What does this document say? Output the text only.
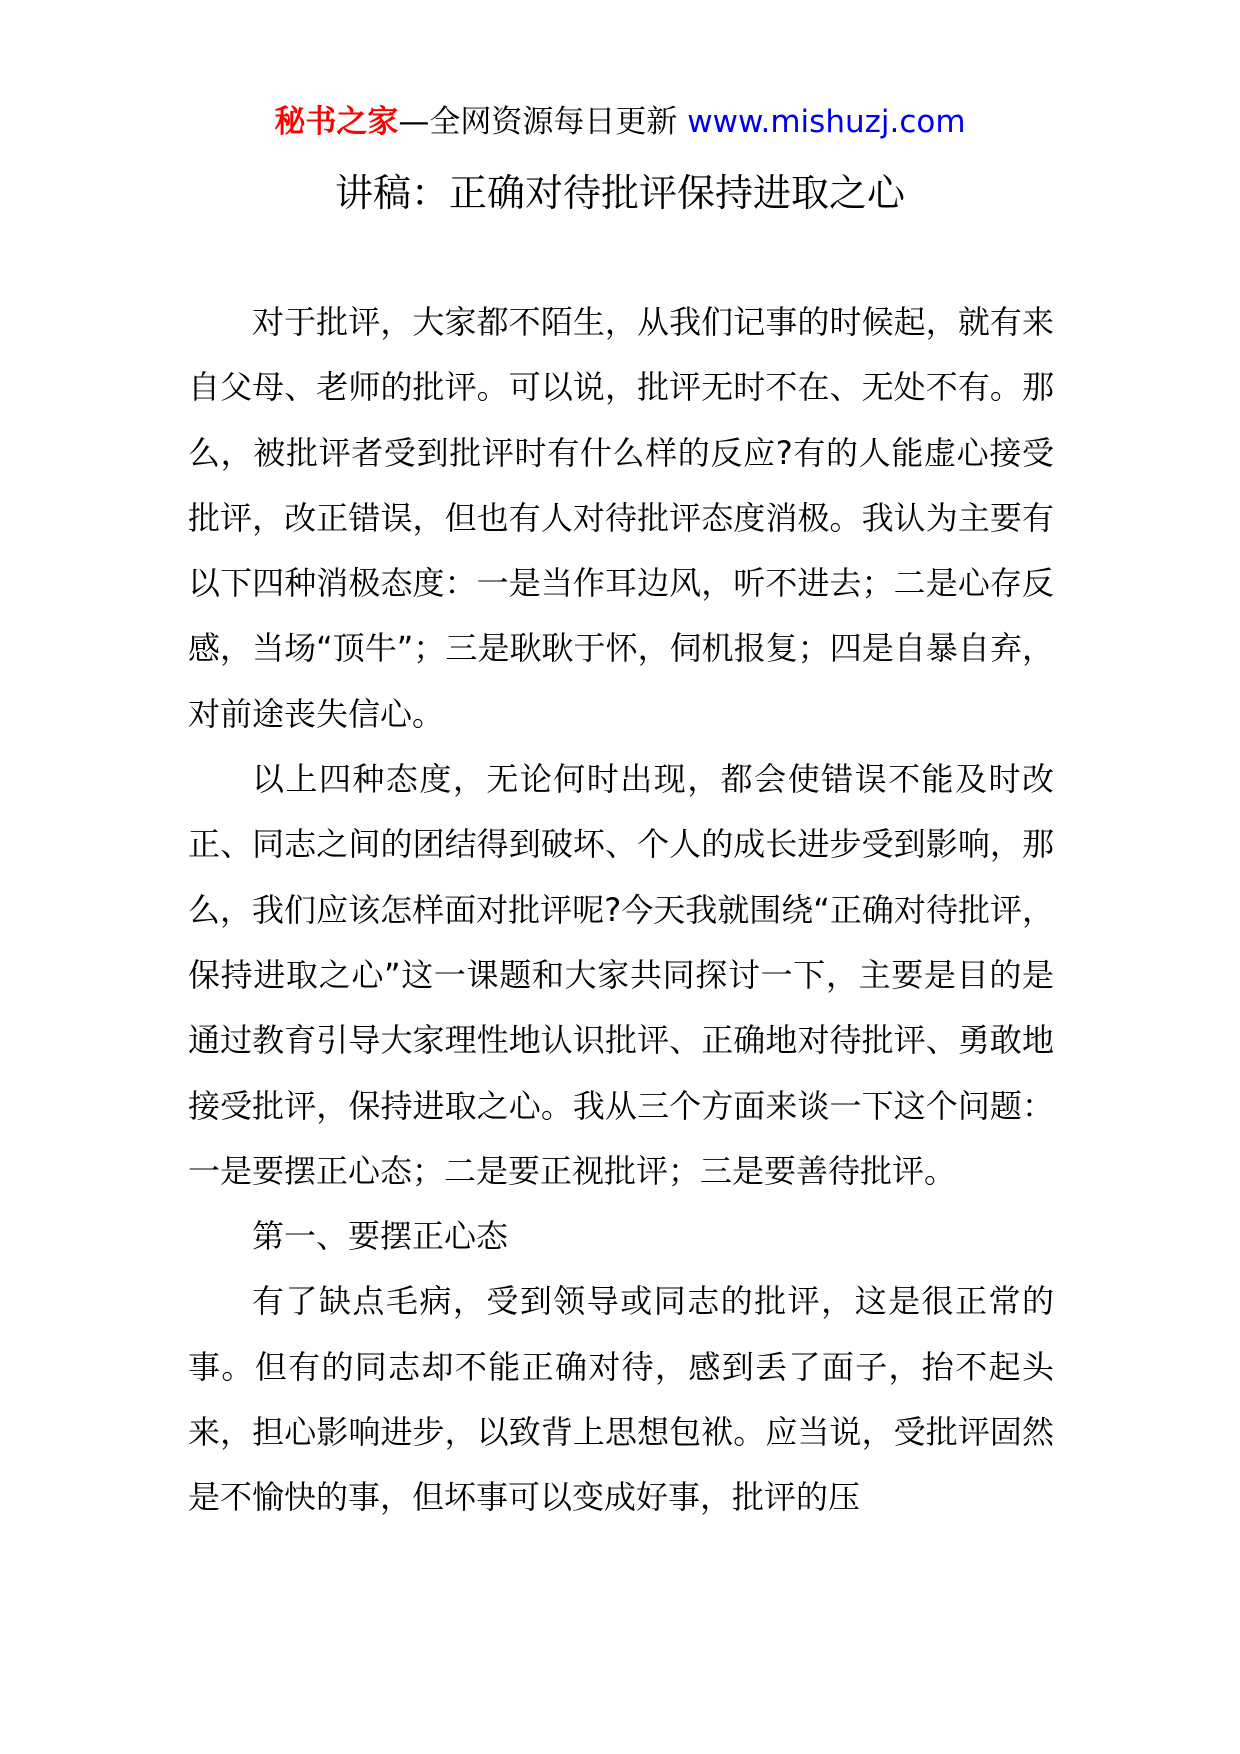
秘书之家—全网资源每日更新 www.mishuzj.com
讲稿：正确对待批评保持进取之心

对于批评，大家都不陌生，从我们记事的时候起，就有来自父母、老师的批评。可以说，批评无时不在、无处不有。那么，被批评者受到批评时有什么样的反应?有的人能虚心接受批评，改正错误，但也有人对待批评态度消极。我认为主要有以下四种消极态度：一是当作耳边风，听不进去；二是心存反感，当场“顶牛”；三是耿耿于怀，伺机报复；四是自暴自弃，对前途丧失信心。

以上四种态度，无论何时出现，都会使错误不能及时改正、同志之间的团结得到破坏、个人的成长进步受到影响，那么，我们应该怎样面对批评呢?今天我就围绕“正确对待批评，保持进取之心”这一课题和大家共同探讨一下，主要是目的是通过教育引导大家理性地认识批评、正确地对待批评、勇敢地接受批评，保持进取之心。我从三个方面来谈一下这个问题：一是要摆正心态；二是要正视批评；三是要善待批评。

第一、要摆正心态

有了缺点毛病，受到领导或同志的批评，这是很正常的事。但有的同志却不能正确对待，感到丢了面子，抬不起头来，担心影响进步，以致背上思想包袱。应当说，受批评固然是不愉快的事，但坏事可以变成好事，批评的压
